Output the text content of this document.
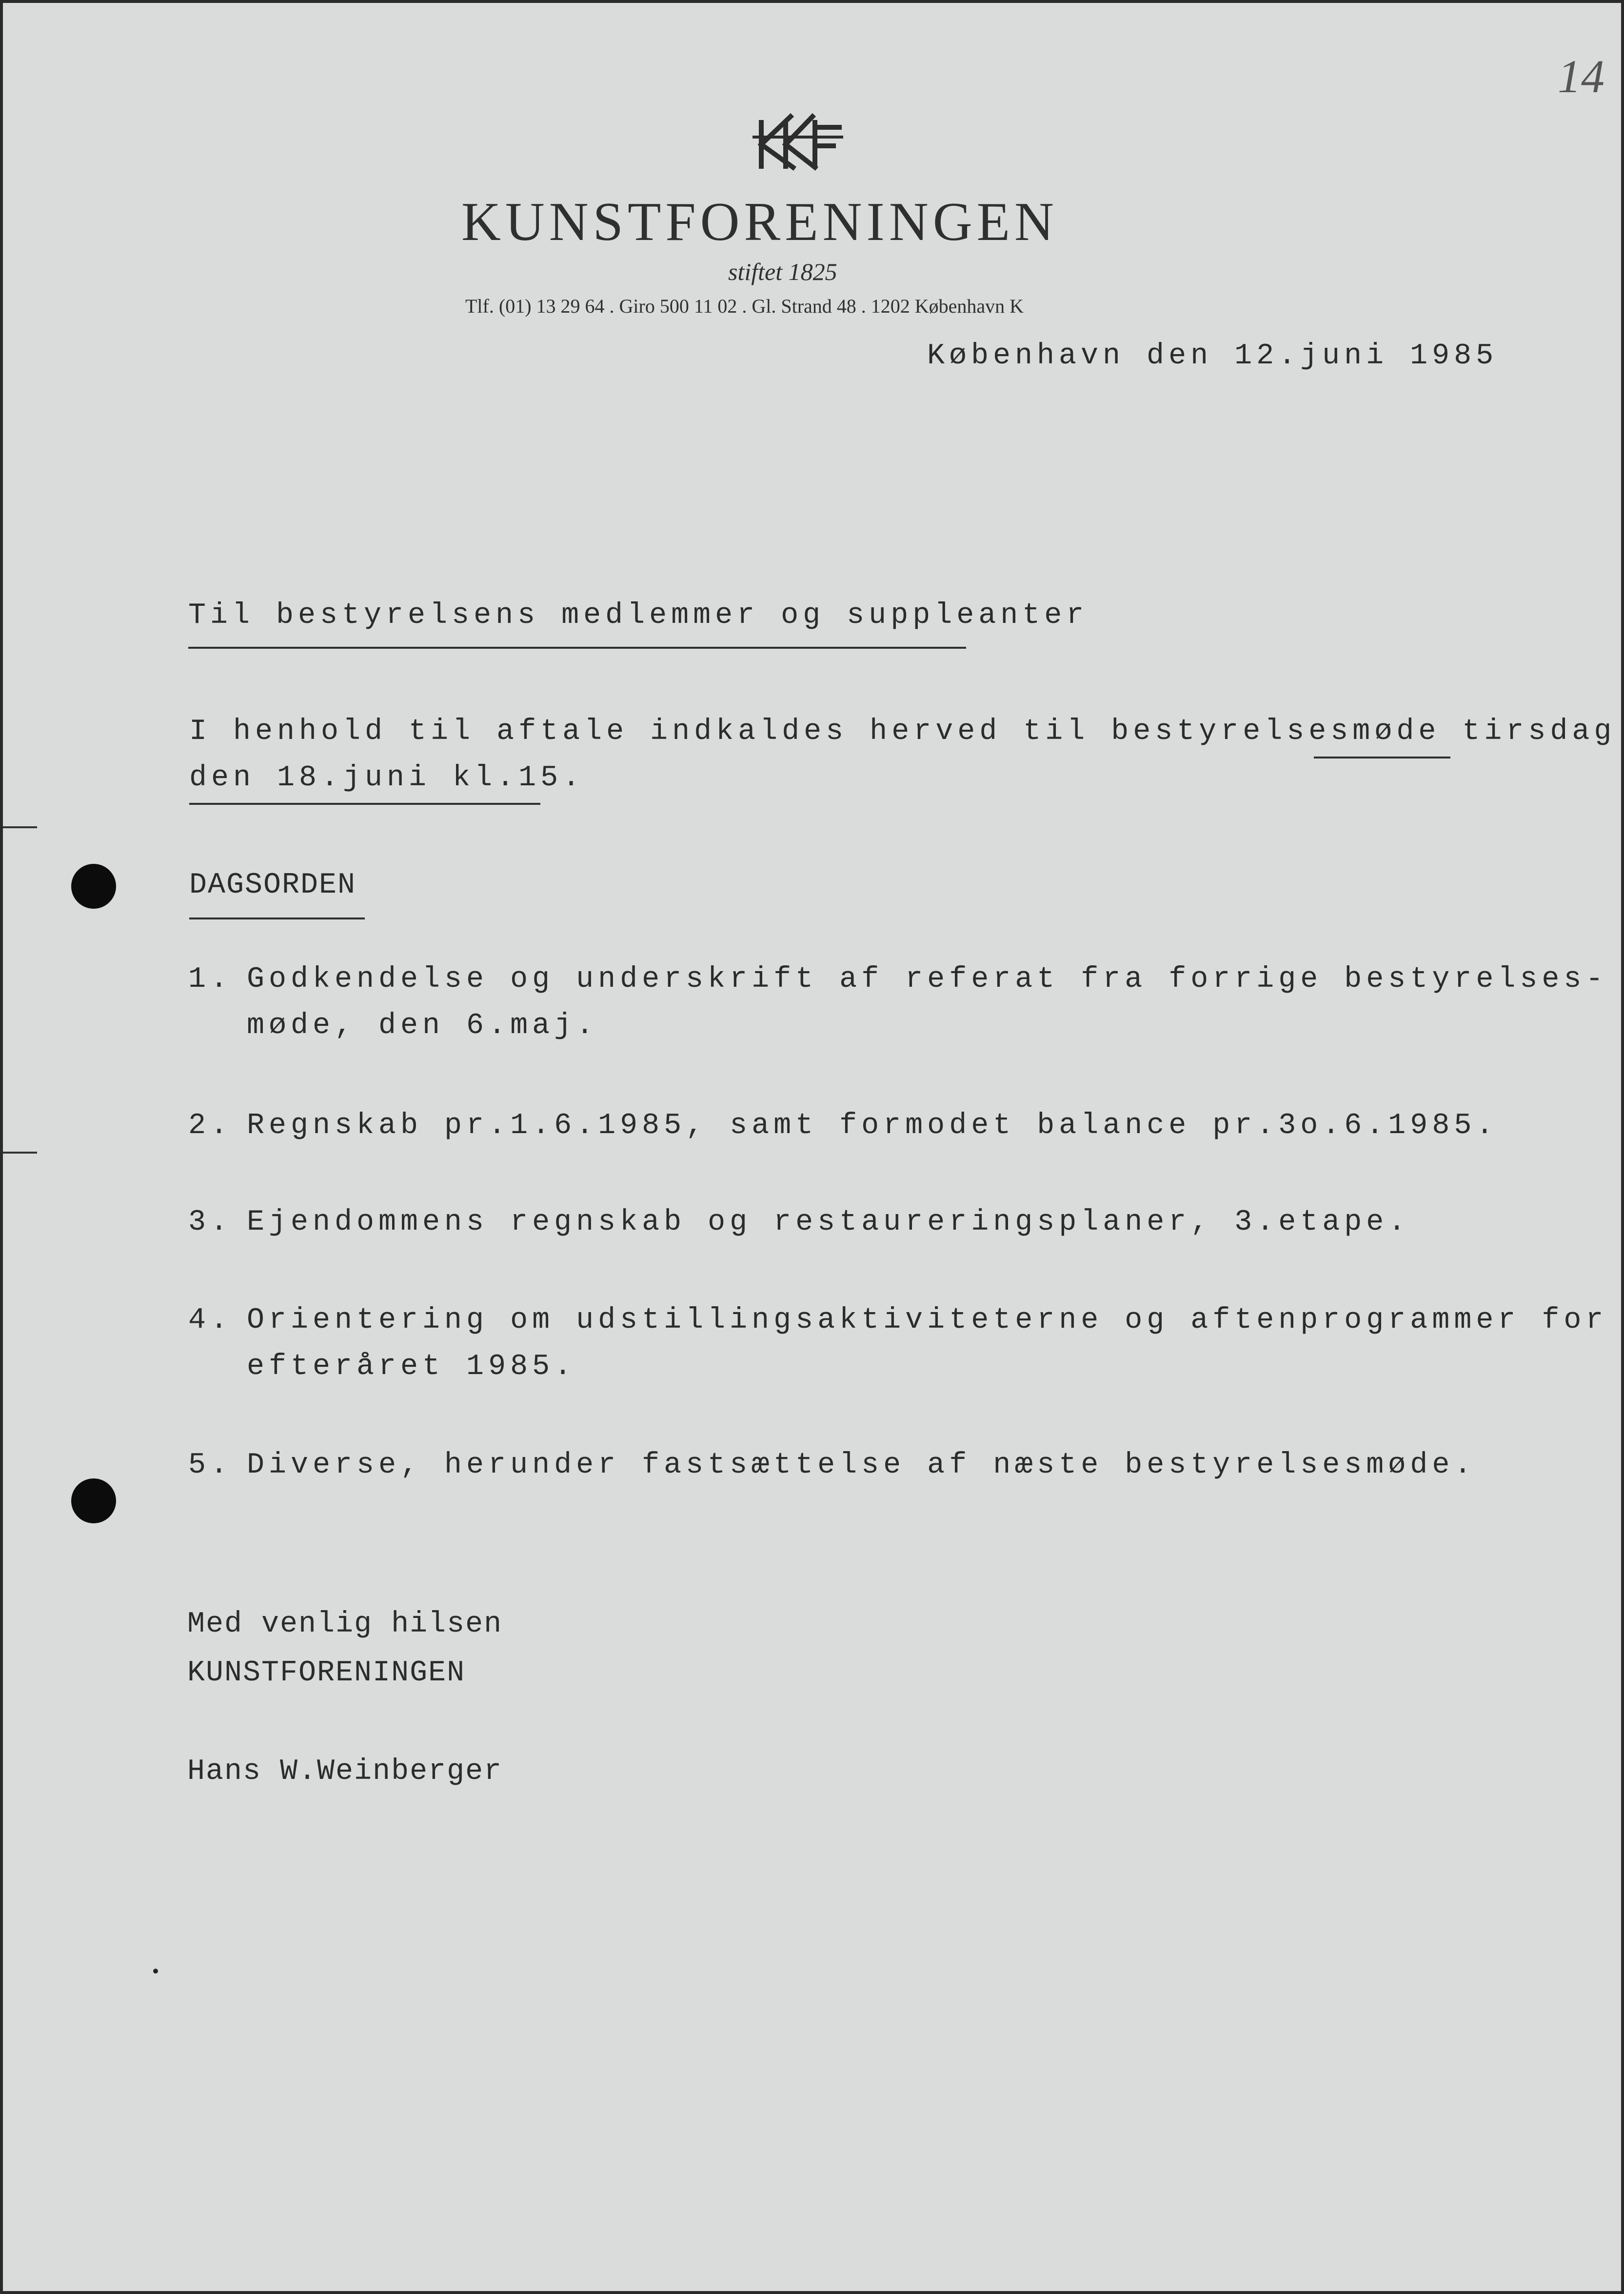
14
KUNSTFORENINGEN
stiftet 1825
Tlf. (01) 13 29 64 . Giro 500 11 02 . Gl. Strand 48 . 1202 København K
København den 12.juni 1985
Til bestyrelsens medlemmer og suppleanter
I henhold til aftale indkaldes herved til bestyrelsesmøde tirsdag
den 18.juni kl.15.
DAGSORDEN
1. Godkendelse og underskrift af referat fra forrige bestyrelses-
møde, den 6.maj.
2. Regnskab pr.1.6.1985, samt formodet balance pr.3o.6.1985.
3. Ejendommens regnskab og restaureringsplaner, 3.etape.
4. Orientering om udstillingsaktiviteterne og aftenprogrammer for
efteråret 1985.
5. Diverse, herunder fastsættelse af næste bestyrelsesmøde.
Med venlig hilsen
KUNSTFORENINGEN
Hans W.Weinberger
